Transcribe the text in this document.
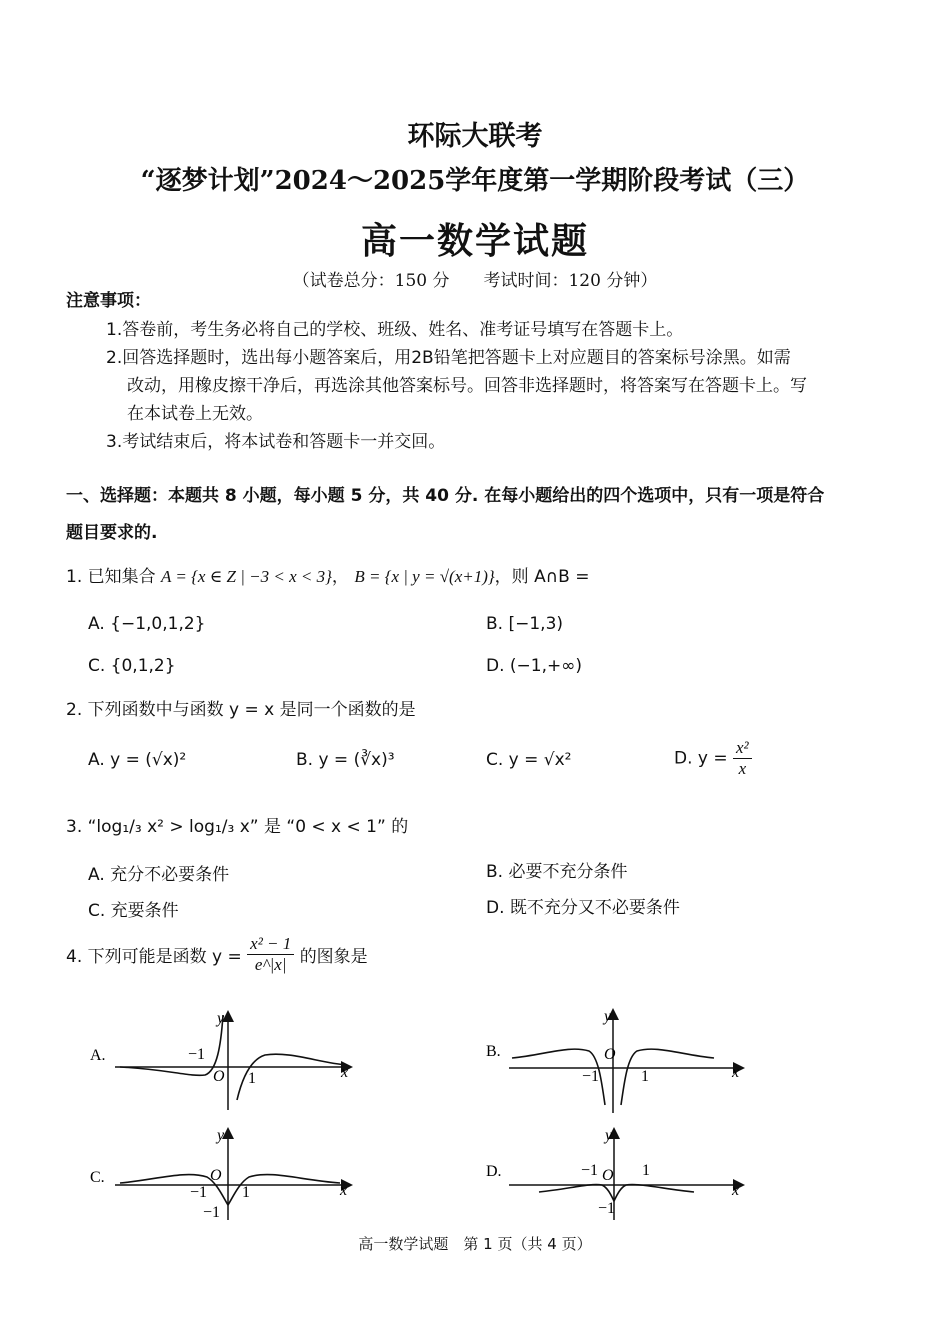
环际大联考
“逐梦计划”2024～2025学年度第一学期阶段考试（三）
高一数学试题
（试卷总分：150 分　　考试时间：120 分钟）
注意事项：
1.答卷前，考生务必将自己的学校、班级、姓名、准考证号填写在答题卡上。
2.回答选择题时，选出每小题答案后，用2B铅笔把答题卡上对应题目的答案标号涂黑。如需
改动，用橡皮擦干净后，再选涂其他答案标号。回答非选择题时，将答案写在答题卡上。写
在本试卷上无效。
3.考试结束后，将本试卷和答题卡一并交回。
一、选择题：本题共 8 小题，每小题 5 分，共 40 分. 在每小题给出的四个选项中，只有一项是符合
题目要求的.
1. 已知集合 A = {x ∈ Z | −3 < x < 3}， B = {x | y = √(x+1)}，则 A∩B =
A. {−1,0,1,2}	B. [−1,3)
C. {0,1,2}	D. (−1,+∞)
2. 下列函数中与函数 y = x 是同一个函数的是
A. y = (√x)²	B. y = (∛x)³	C. y = √x²	D. $y = \frac{\text{x²}}{x}$
3. “log₁/₃ x² > log₁/₃ x” 是 “0 < x < 1” 的
A. 充分不必要条件	B. 必要不充分条件
C. 充要条件	D. 既不充分又不必要条件
4. 下列可能是函数 $y = \frac{\text{x² − 1}}{e\^{}|x|}$ 的图象是
A.
x
y
O
−1
1
B.
x
y
O
−1	1
C.
x
y
O
−1 1
−1
D.
x
y
O
−1	1
−1
高一数学试题　第 1 页（共 4 页）
